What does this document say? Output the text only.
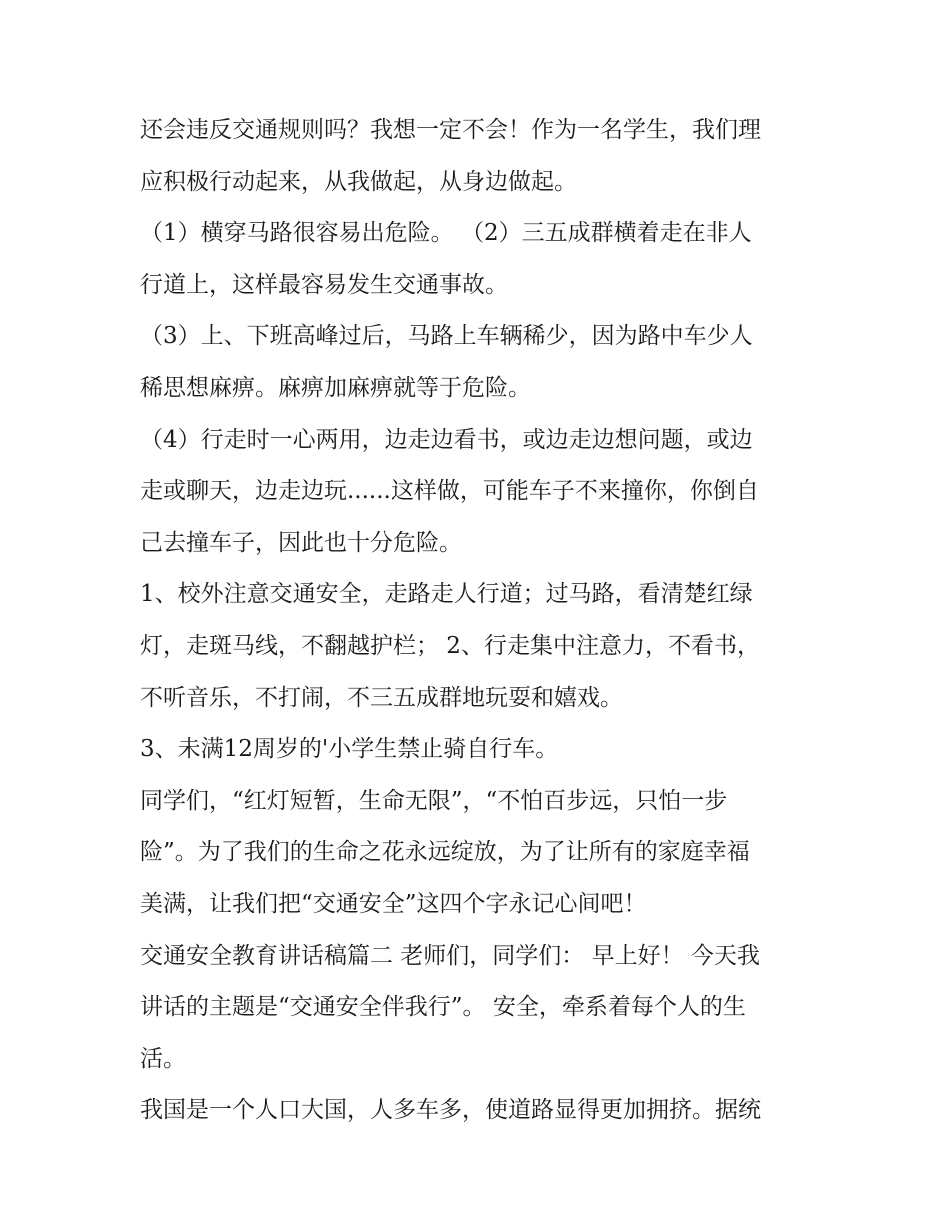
还会违反交通规则吗？我想一定不会！作为一名学生，我们理
应积极行动起来，从我做起，从身边做起。
（1）横穿马路很容易出危险。 （2）三五成群横着走在非人
行道上，这样最容易发生交通事故。
（3）上、下班高峰过后，马路上车辆稀少，因为路中车少人
稀思想麻痹。麻痹加麻痹就等于危险。
（4）行走时一心两用，边走边看书，或边走边想问题，或边
走或聊天，边走边玩......这样做，可能车子不来撞你，你倒自
己去撞车子，因此也十分危险。
1、校外注意交通安全，走路走人行道；过马路，看清楚红绿
灯，走斑马线，不翻越护栏； 2、行走集中注意力，不看书，
不听音乐，不打闹，不三五成群地玩耍和嬉戏。
3、未满12周岁的'小学生禁止骑自行车。
同学们，“红灯短暂，生命无限”，“不怕百步远，只怕一步
险”。为了我们的生命之花永远绽放，为了让所有的家庭幸福
美满，让我们把“交通安全”这四个字永记心间吧！
交通安全教育讲话稿篇二 老师们，同学们： 早上好！ 今天我
讲话的主题是“交通安全伴我行”。 安全，牵系着每个人的生
活。
我国是一个人口大国，人多车多，使道路显得更加拥挤。据统
